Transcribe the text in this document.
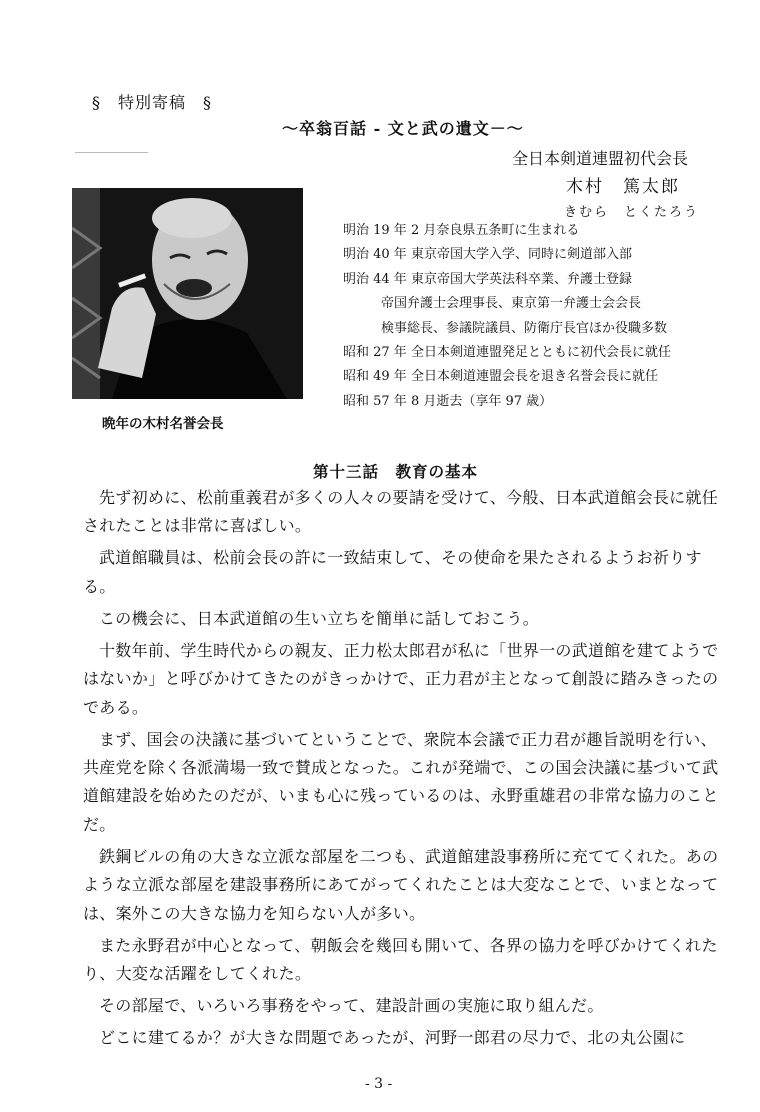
§　特別寄稿　§
～卒翁百話 - 文と武の遺文－～
全日本剣道連盟初代会長
木村　篤太郎
きむら　とくたろう
晩年の木村名誉会長
明治 19 年 2 月奈良県五条町に生まれる
明治 40 年 東京帝国大学入学、同時に剣道部入部
明治 44 年 東京帝国大学英法科卒業、弁護士登録
帝国弁護士会理事長、東京第一弁護士会会長
検事総長、参議院議員、防衛庁長官ほか役職多数
昭和 27 年 全日本剣道連盟発足とともに初代会長に就任
昭和 49 年 全日本剣道連盟会長を退き名誉会長に就任
昭和 57 年 8 月逝去（享年 97 歳）
第十三話　教育の基本

先ず初めに、松前重義君が多くの人々の要請を受けて、今般、日本武道館会長に就任されたことは非常に喜ばしい。

武道館職員は、松前会長の許に一致結束して、その使命を果たされるようお祈りする。

この機会に、日本武道館の生い立ちを簡単に話しておこう。

十数年前、学生時代からの親友、正力松太郎君が私に「世界一の武道館を建てようではないか」と呼びかけてきたのがきっかけで、正力君が主となって創設に踏みきったのである。

まず、国会の決議に基づいてということで、衆院本会議で正力君が趣旨説明を行い、共産党を除く各派満場一致で賛成となった。これが発端で、この国会決議に基づいて武道館建設を始めたのだが、いまも心に残っているのは、永野重雄君の非常な協力のことだ。

鉄鋼ビルの角の大きな立派な部屋を二つも、武道館建設事務所に充ててくれた。あのような立派な部屋を建設事務所にあてがってくれたことは大変なことで、いまとなっては、案外この大きな協力を知らない人が多い。

また永野君が中心となって、朝飯会を幾回も開いて、各界の協力を呼びかけてくれたり、大変な活躍をしてくれた。

その部屋で、いろいろ事務をやって、建設計画の実施に取り組んだ。

どこに建てるか？が大きな問題であったが、河野一郎君の尽力で、北の丸公園に

- 3 -
